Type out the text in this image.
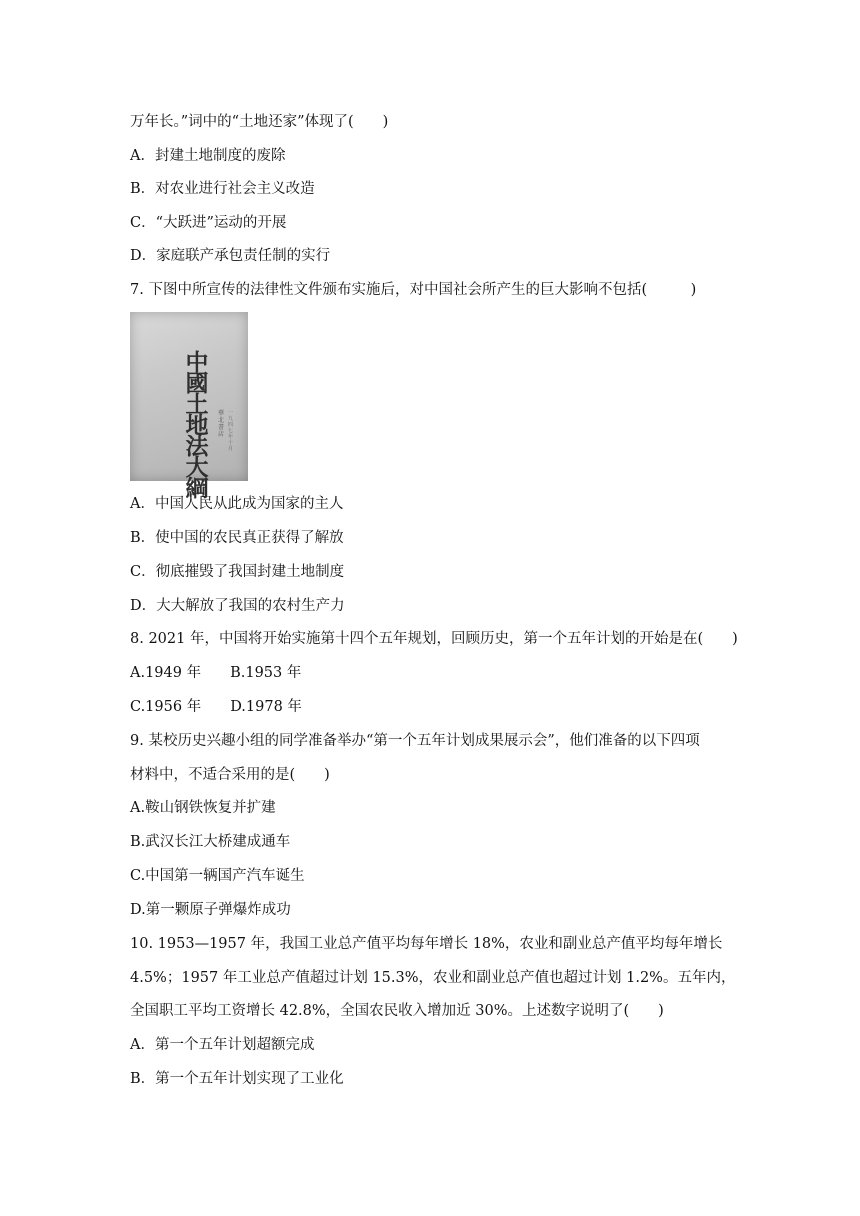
万年长。”词中的“土地还家”体现了(　　)
A．封建土地制度的废除
B．对农业进行社会主义改造
C．“大跃进”运动的开展
D．家庭联产承包责任制的实行
7. 下图中所宣传的法律性文件颁布实施后，对中国社会所产生的巨大影响不包括(　　　)
中國土地法大綱
華北書店
一九四七年十月
A．中国人民从此成为国家的主人
B．使中国的农民真正获得了解放
C．彻底摧毁了我国封建土地制度
D．大大解放了我国的农村生产力
8. 2021 年，中国将开始实施第十四个五年规划，回顾历史，第一个五年计划的开始是在(　　)
A.1949 年　　B.1953 年
C.1956 年　　D.1978 年
9. 某校历史兴趣小组的同学准备举办“第一个五年计划成果展示会”，他们准备的以下四项
材料中，不适合采用的是(　　)
A.鞍山钢铁恢复并扩建
B.武汉长江大桥建成通车
C.中国第一辆国产汽车诞生
D.第一颗原子弹爆炸成功
10. 1953—1957 年，我国工业总产值平均每年增长 18%，农业和副业总产值平均每年增长
4.5%；1957 年工业总产值超过计划 15.3%，农业和副业总产值也超过计划 1.2%。五年内，
全国职工平均工资增长 42.8%，全国农民收入增加近 30%。上述数字说明了(　　)
A．第一个五年计划超额完成
B．第一个五年计划实现了工业化
